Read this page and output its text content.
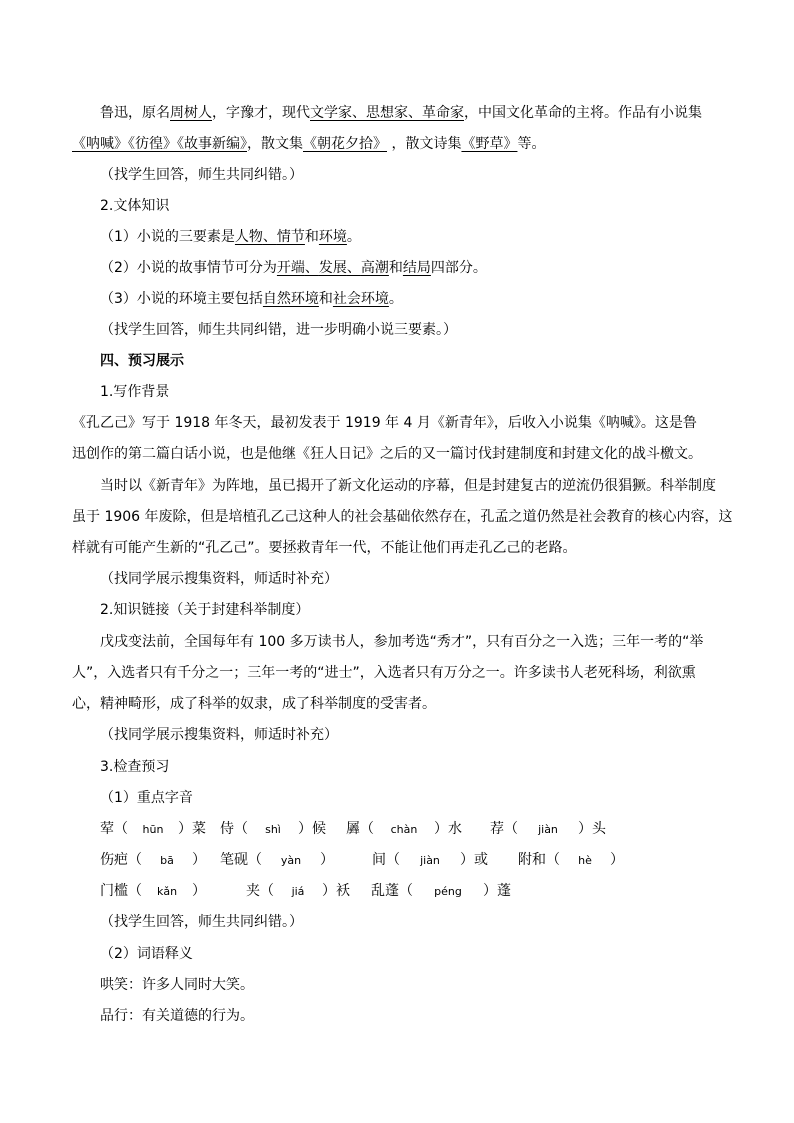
鲁迅，原名周树人，字豫才，现代文学家、思想家、革命家，中国文化革命的主将。作品有小说集
《呐喊》《彷徨》《故事新编》，散文集《朝花夕拾》 ，散文诗集《野草》等。
（找学生回答，师生共同纠错。）
2.文体知识
（1）小说的三要素是人物、情节和环境。
（2）小说的故事情节可分为开端、发展、高潮和结局四部分。
（3）小说的环境主要包括自然环境和社会环境。
（找学生回答，师生共同纠错，进一步明确小说三要素。）
四、预习展示
1.写作背景
《孔乙己》写于 1918 年冬天，最初发表于 1919 年 4 月《新青年》，后收入小说集《呐喊》。这是鲁
迅创作的第二篇白话小说，也是他继《狂人日记》之后的又一篇讨伐封建制度和封建文化的战斗檄文。
当时以《新青年》为阵地，虽已揭开了新文化运动的序幕，但是封建复古的逆流仍很猖獗。科举制度
虽于 1906 年废除，但是培植孔乙己这种人的社会基础依然存在，孔孟之道仍然是社会教育的核心内容，这
样就有可能产生新的“孔乙己”。要拯救青年一代，不能让他们再走孔乙己的老路。
（找同学展示搜集资料，师适时补充）
2.知识链接（关于封建科举制度）
戊戌变法前，全国每年有 100 多万读书人，参加考选“秀才”，只有百分之一入选；三年一考的“举
人”，入选者只有千分之一；三年一考的“进士”，入选者只有万分之一。许多读书人老死科场，利欲熏
心，精神畸形，成了科举的奴隶，成了科举制度的受害者。
（找同学展示搜集资料，师适时补充）
3.检查预习
（1）重点字音
荤（ hūn ）菜 侍（ shì ）候 羼（ chàn ）水 荐（ jiàn ）头
伤疤（ bā ） 笔砚（ yàn ）	间（ jiàn ）或 附和（ hè ）
门槛（ kǎn ）	夹（ jiá ）袄 乱蓬（ péng ）蓬
（找学生回答，师生共同纠错。）
（2）词语释义
哄笑：许多人同时大笑。
品行：有关道德的行为。
